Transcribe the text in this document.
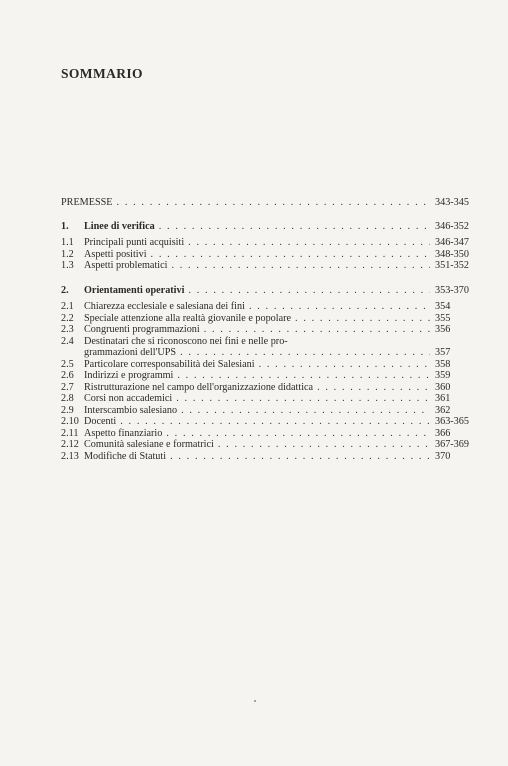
SOMMARIO
PREMESSE . . .	343-345
1.	Linee di verifica . . .	346-352
1.1	Principali punti acquisiti . . .	346-347
1.2	Aspetti positivi . . .	348-350
1.3	Aspetti problematici . . .	351-352
2.	Orientamenti operativi . . .	353-370
2.1	Chiarezza ecclesiale e salesiana dei fini . . .	354
2.2	Speciale attenzione alla realtà giovanile e popolare . . .	355
2.3	Congruenti programmazioni . . .	356
2.4	Destinatari che si riconoscono nei fini e nelle pro-
grammazioni dell'UPS . . .	357
2.5	Particolare corresponsabilità dei Salesiani . . .	358
2.6	Indirizzi e programmi . . .	359
2.7	Ristrutturazione nel campo dell'organizzazione didattica . . .	360
2.8	Corsi non accademici . . .	361
2.9	Interscambio salesiano . . .	362
2.10 Docenti . . .	363-365
2.11 Aspetto finanziario . . .	366
2.12 Comunità salesiane e formatrici . . .	367-369
2.13 Modifiche di Statuti . . .	370
